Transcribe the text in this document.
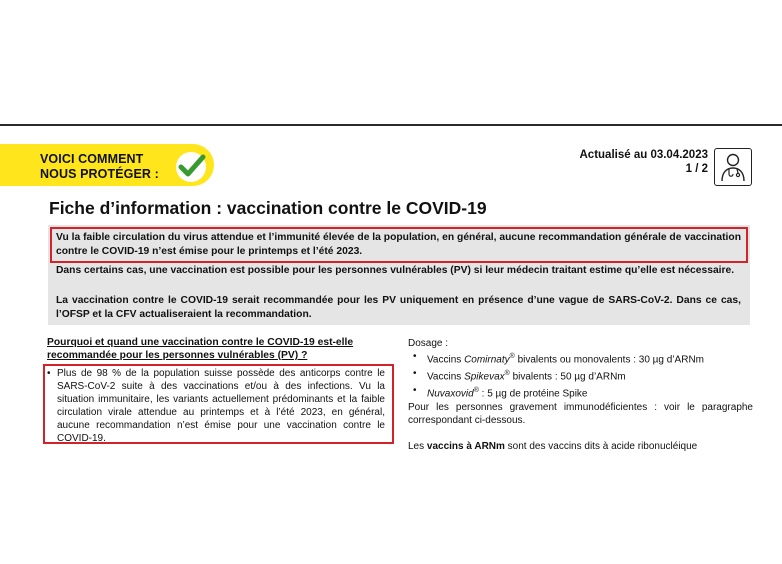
VOICI COMMENT
NOUS PROTÉGER :
Actualisé au 03.04.2023
1 / 2
Fiche d’information : vaccination contre le COVID-19
Vu la faible circulation du virus attendue et l’immunité élevée de la population, en général, aucune recommandation générale de vaccination contre le COVID-19 n’est émise pour le printemps et l’été 2023.
Dans certains cas, une vaccination est possible pour les personnes vulnérables (PV) si leur médecin traitant estime qu’elle est nécessaire.
La vaccination contre le COVID-19 serait recommandée pour les PV uniquement en présence d’une vague de SARS-CoV-2. Dans ce cas, l’OFSP et la CFV actualiseraient la recommandation.
Pourquoi et quand une vaccination contre le COVID-19 est-elle recommandée pour les personnes vulnérables (PV) ?
• Plus de 98 % de la population suisse possède des anticorps contre le SARS-CoV-2 suite à des vaccinations et/ou à des infections. Vu la situation immunitaire, les variants actuellement prédominants et la faible circulation virale attendue au printemps et à l’été 2023, en général, aucune recommandation n’est émise pour une vaccination contre le COVID-19.
Dosage :
• Vaccins Comirnaty® bivalents ou monovalents : 30 µg d’ARNm
• Vaccins Spikevax® bivalents : 50 µg d’ARNm
• Nuvaxovid® : 5 µg de protéine Spike
Pour les personnes gravement immunodéficientes : voir le paragraphe correspondant ci-dessous.
Les vaccins à ARNm sont des vaccins dits à acide ribonucléique
